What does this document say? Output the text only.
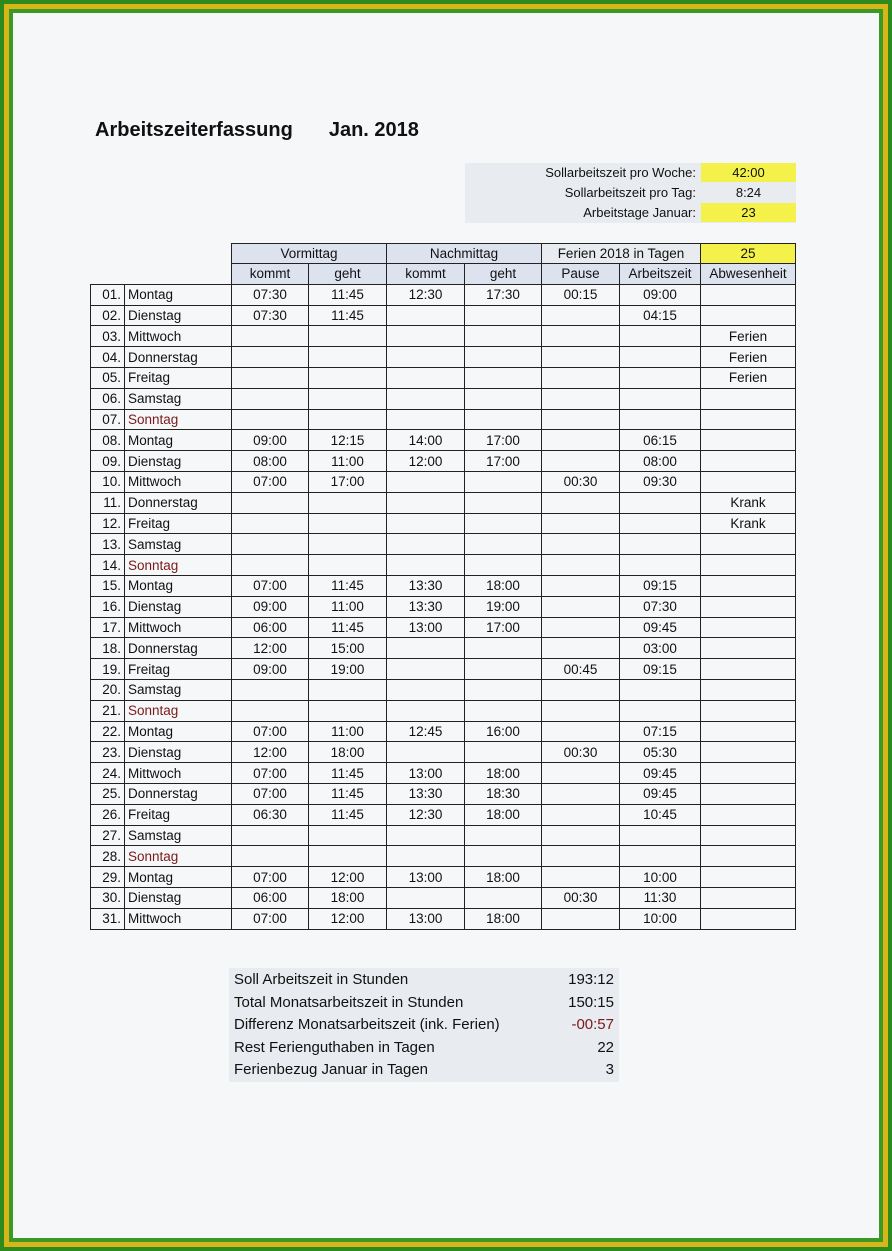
Arbeitszeiterfassung Jan. 2018
Sollarbeitszeit pro Woche:	42:00
Sollarbeitszeit pro Tag:	8:24
Arbeitstage Januar:	23
		Vormittag		Nachmittag		Ferien 2018 in Tagen		25
		kommt	geht	kommt	geht	Pause	Arbeitszeit	Abwesenheit
01.	Montag	07:30	11:45	12:30	17:30	00:15	09:00	
02.	Dienstag	07:30	11:45				04:15	
03.	Mittwoch							Ferien
04.	Donnerstag							Ferien
05.	Freitag							Ferien
06.	Samstag							
07.	Sonntag							
08.	Montag	09:00	12:15	14:00	17:00		06:15	
09.	Dienstag	08:00	11:00	12:00	17:00		08:00	
10.	Mittwoch	07:00	17:00			00:30	09:30	
11.	Donnerstag							Krank
12.	Freitag							Krank
13.	Samstag							
14.	Sonntag							
15.	Montag	07:00	11:45	13:30	18:00		09:15	
16.	Dienstag	09:00	11:00	13:30	19:00		07:30	
17.	Mittwoch	06:00	11:45	13:00	17:00		09:45	
18.	Donnerstag	12:00	15:00				03:00	
19.	Freitag	09:00	19:00			00:45	09:15	
20.	Samstag							
21.	Sonntag							
22.	Montag	07:00	11:00	12:45	16:00		07:15	
23.	Dienstag	12:00	18:00			00:30	05:30	
24.	Mittwoch	07:00	11:45	13:00	18:00		09:45	
25.	Donnerstag	07:00	11:45	13:30	18:30		09:45	
26.	Freitag	06:30	11:45	12:30	18:00		10:45	
27.	Samstag							
28.	Sonntag							
29.	Montag	07:00	12:00	13:00	18:00		10:00	
30.	Dienstag	06:00	18:00			00:30	11:30	
31.	Mittwoch	07:00	12:00	13:00	18:00		10:00	
Soll Arbeitszeit in Stunden	193:12
Total Monatsarbeitszeit in Stunden	150:15
Differenz Monatsarbeitszeit (ink. Ferien)	-00:57
Rest Ferienguthaben in Tagen	22
Ferienbezug Januar in Tagen	3
